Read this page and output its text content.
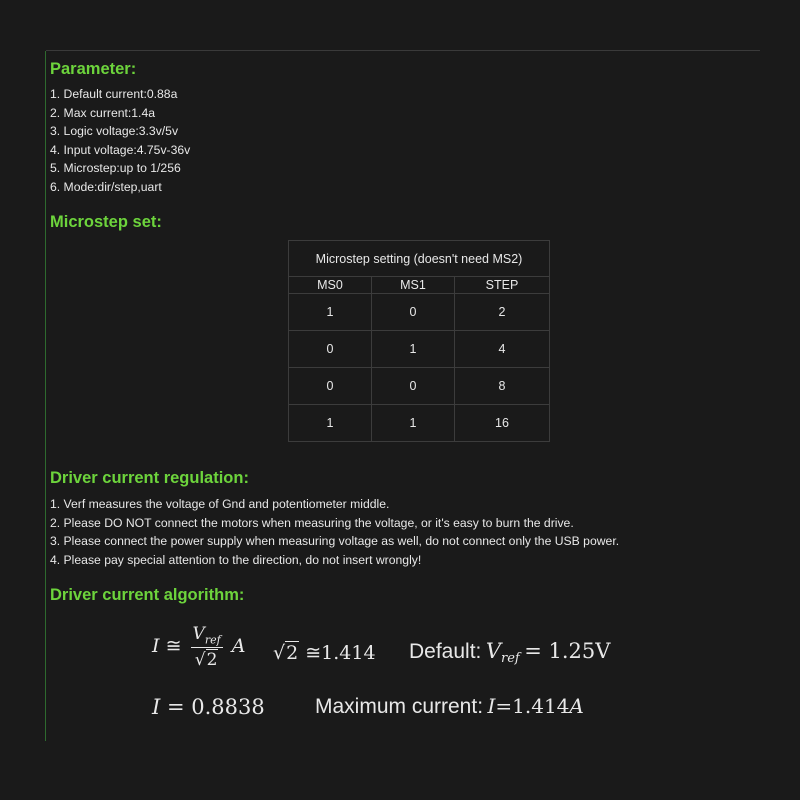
Parameter:
1. Default current:0.88a
2. Max current:1.4a
3. Logic voltage:3.3v/5v
4. Input voltage:4.75v-36v
5. Microstep:up to 1/256
6. Mode:dir/step,uart
Microstep set:
Microstep setting (doesn't need MS2)		
MS0	MS1	STEP
1	0	2
0	1	4
0	0	8
1	1	16
Driver current regulation:
1. Verf measures the voltage of Gnd and potentiometer middle.
2. Please DO NOT connect the motors when measuring the voltage, or it's easy to burn the drive.
3. Please connect the power supply when measuring voltage as well, do not connect only the USB power.
4. Please pay special attention to the direction, do not insert wrongly!
Driver current algorithm:
I ≅ $\frac{V_{ref}}{√2}$ A √2 ≅1.414 Default: $V_{ref} = 1.25V$
I = 0.8838 Maximum current: I=1.414A
